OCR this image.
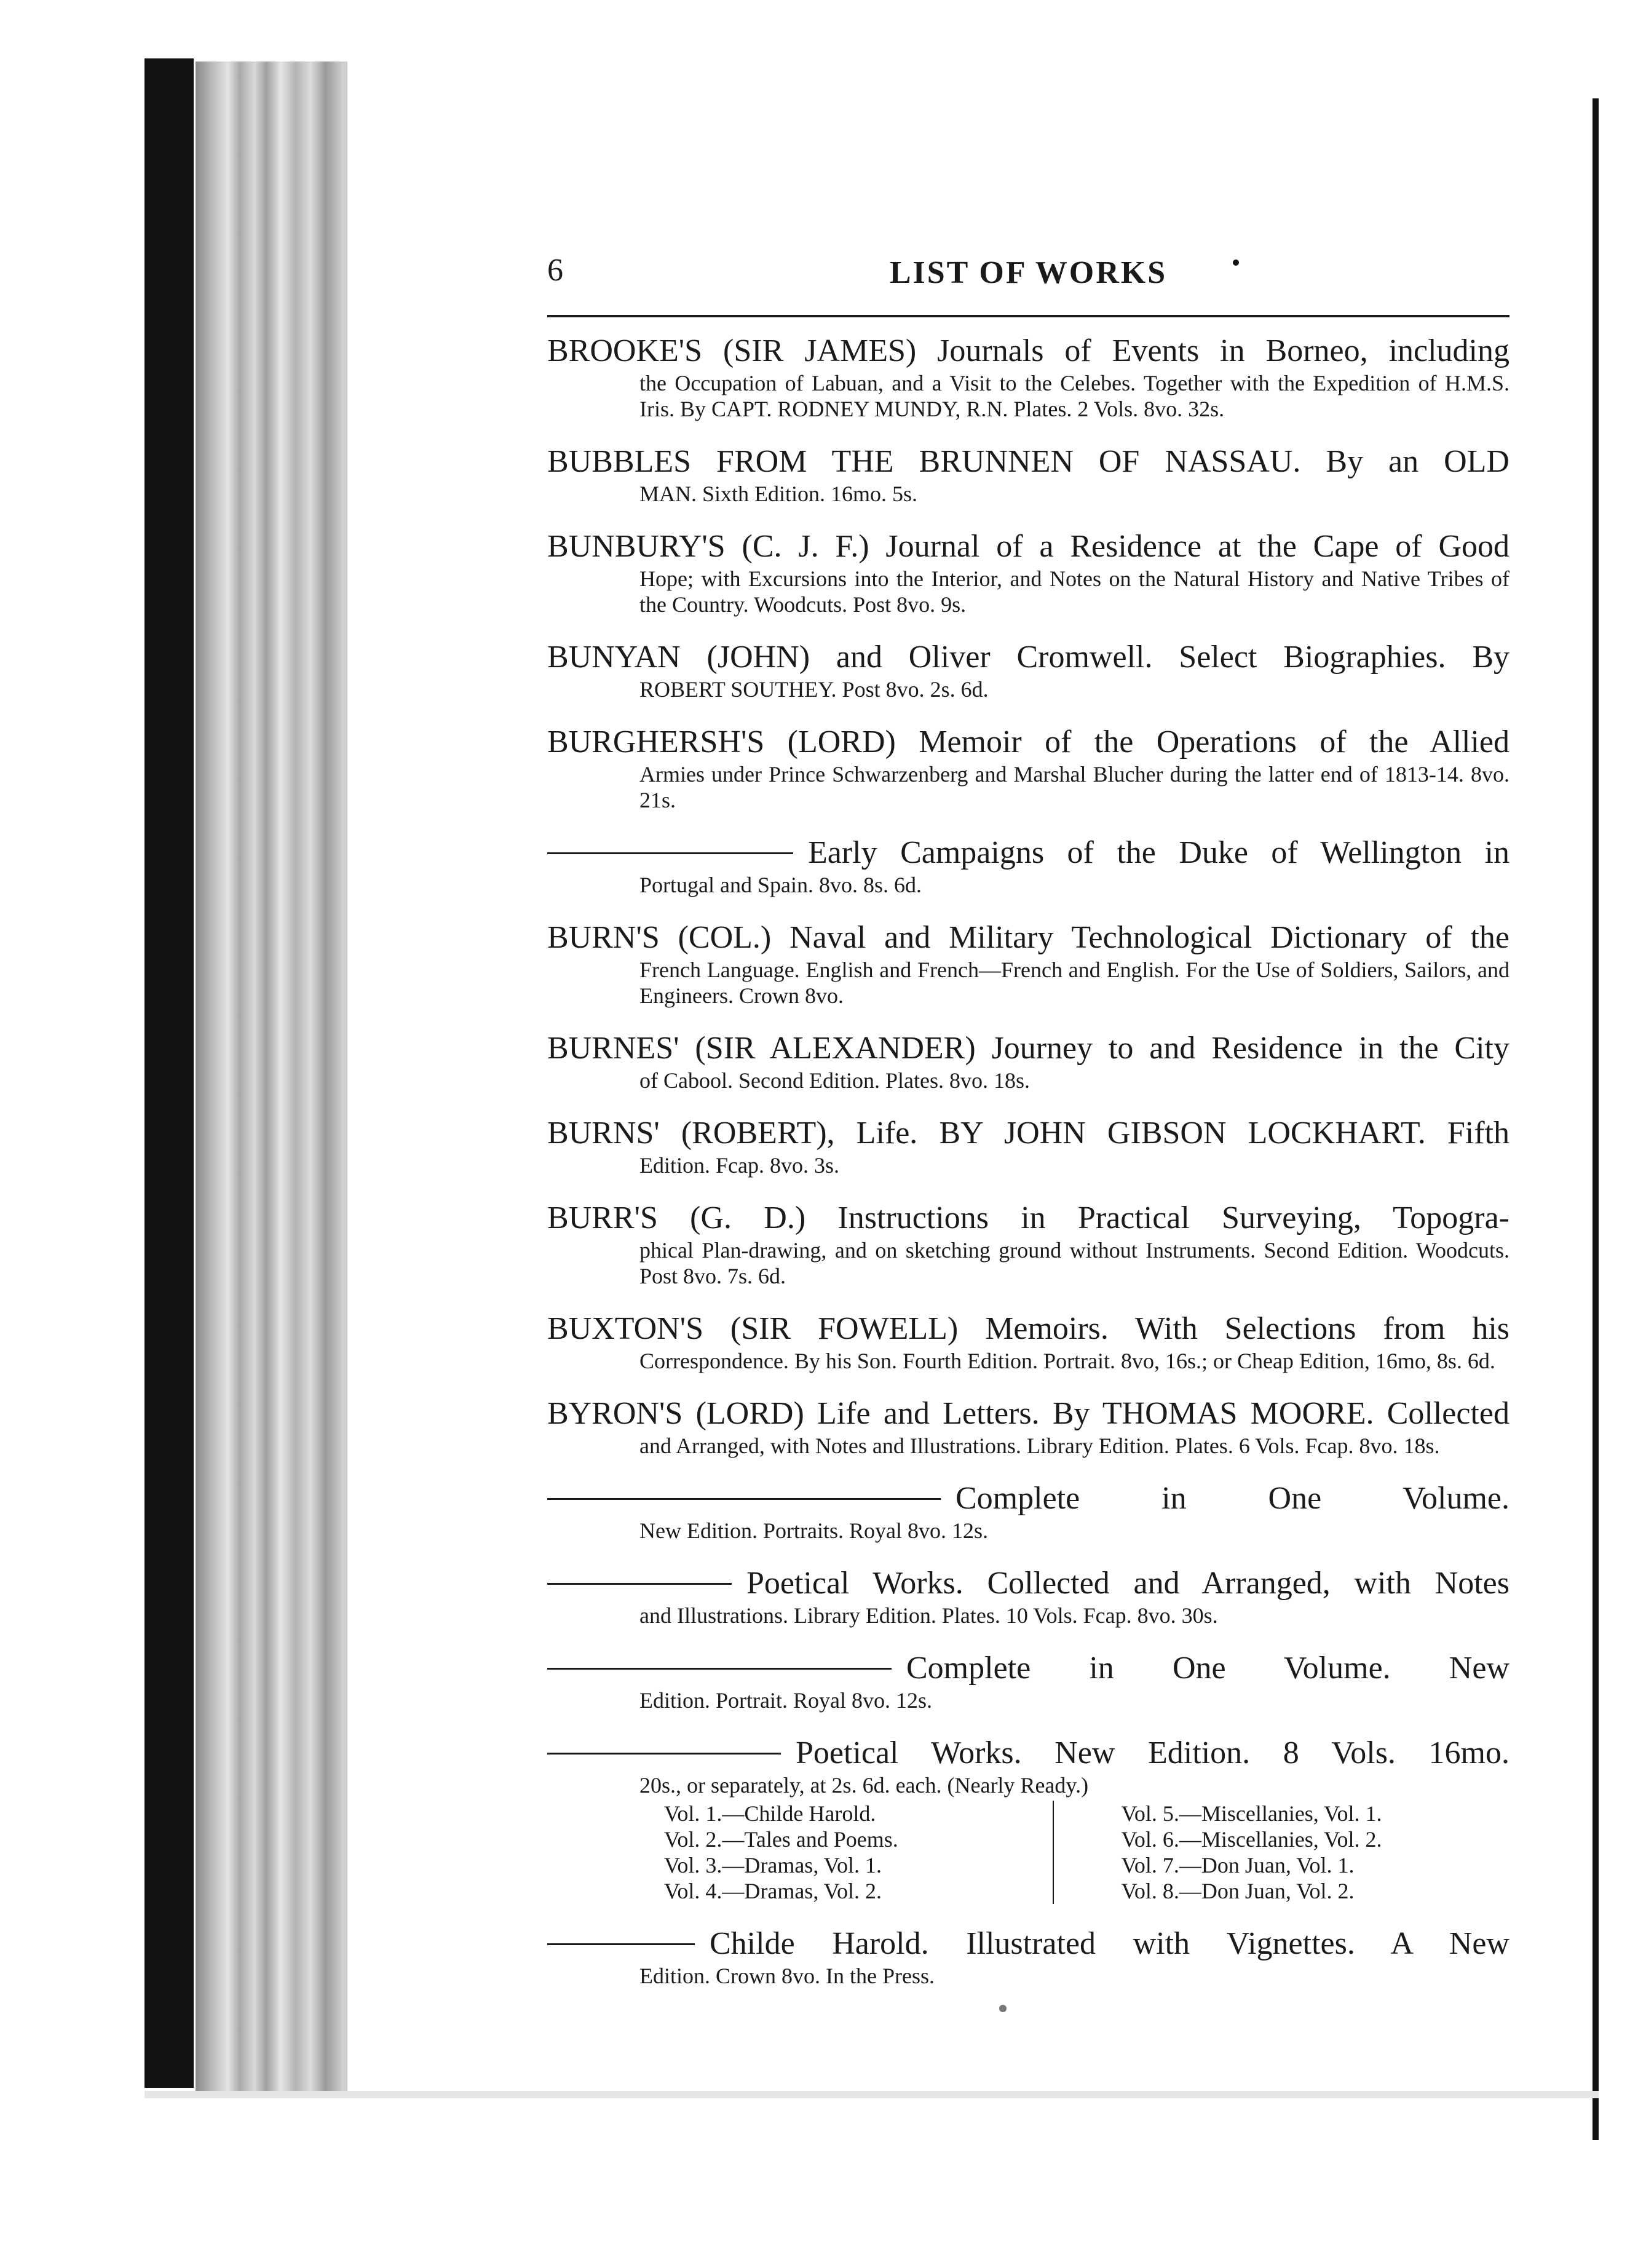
6	LIST OF WORKS
BROOKE'S (SIR JAMES) Journals of Events in Borneo, including
the Occupation of Labuan, and a Visit to the Celebes. Together with the Expedition of H.M.S. Iris. By CAPT. RODNEY MUNDY, R.N. Plates. 2 Vols. 8vo. 32s.
BUBBLES FROM THE BRUNNEN OF NASSAU. By an OLD
MAN. Sixth Edition. 16mo. 5s.
BUNBURY'S (C. J. F.) Journal of a Residence at the Cape of Good
Hope; with Excursions into the Interior, and Notes on the Natural History and Native Tribes of the Country. Woodcuts. Post 8vo. 9s.
BUNYAN (JOHN) and Oliver Cromwell. Select Biographies. By
ROBERT SOUTHEY. Post 8vo. 2s. 6d.
BURGHERSH'S (LORD) Memoir of the Operations of the Allied
Armies under Prince Schwarzenberg and Marshal Blucher during the latter end of 1813-14. 8vo. 21s.
Early Campaigns of the Duke of Wellington in
Portugal and Spain. 8vo. 8s. 6d.
BURN'S (COL.) Naval and Military Technological Dictionary of the
French Language. English and French—French and English. For the Use of Soldiers, Sailors, and Engineers. Crown 8vo.
BURNES' (SIR ALEXANDER) Journey to and Residence in the City
of Cabool. Second Edition. Plates. 8vo. 18s.
BURNS' (ROBERT), Life. BY JOHN GIBSON LOCKHART. Fifth
Edition. Fcap. 8vo. 3s.
BURR'S (G. D.) Instructions in Practical Surveying, Topogra-
phical Plan-drawing, and on sketching ground without Instruments. Second Edition. Woodcuts. Post 8vo. 7s. 6d.
BUXTON'S (SIR FOWELL) Memoirs. With Selections from his
Correspondence. By his Son. Fourth Edition. Portrait. 8vo, 16s.; or Cheap Edition, 16mo, 8s. 6d.
BYRON'S (LORD) Life and Letters. By THOMAS MOORE. Collected
and Arranged, with Notes and Illustrations. Library Edition. Plates. 6 Vols. Fcap. 8vo. 18s.
Complete in One Volume.
New Edition. Portraits. Royal 8vo. 12s.
Poetical Works. Collected and Arranged, with Notes
and Illustrations. Library Edition. Plates. 10 Vols. Fcap. 8vo. 30s.
Complete in One Volume. New
Edition. Portrait. Royal 8vo. 12s.
Poetical Works. New Edition. 8 Vols. 16mo.
20s., or separately, at 2s. 6d. each. (Nearly Ready.)
Vol. 1.—Childe Harold.
Vol. 2.—Tales and Poems.
Vol. 3.—Dramas, Vol. 1.
Vol. 4.—Dramas, Vol. 2.
Vol. 5.—Miscellanies, Vol. 1.
Vol. 6.—Miscellanies, Vol. 2.
Vol. 7.—Don Juan, Vol. 1.
Vol. 8.—Don Juan, Vol. 2.
Childe Harold. Illustrated with Vignettes. A New
Edition. Crown 8vo. In the Press.
